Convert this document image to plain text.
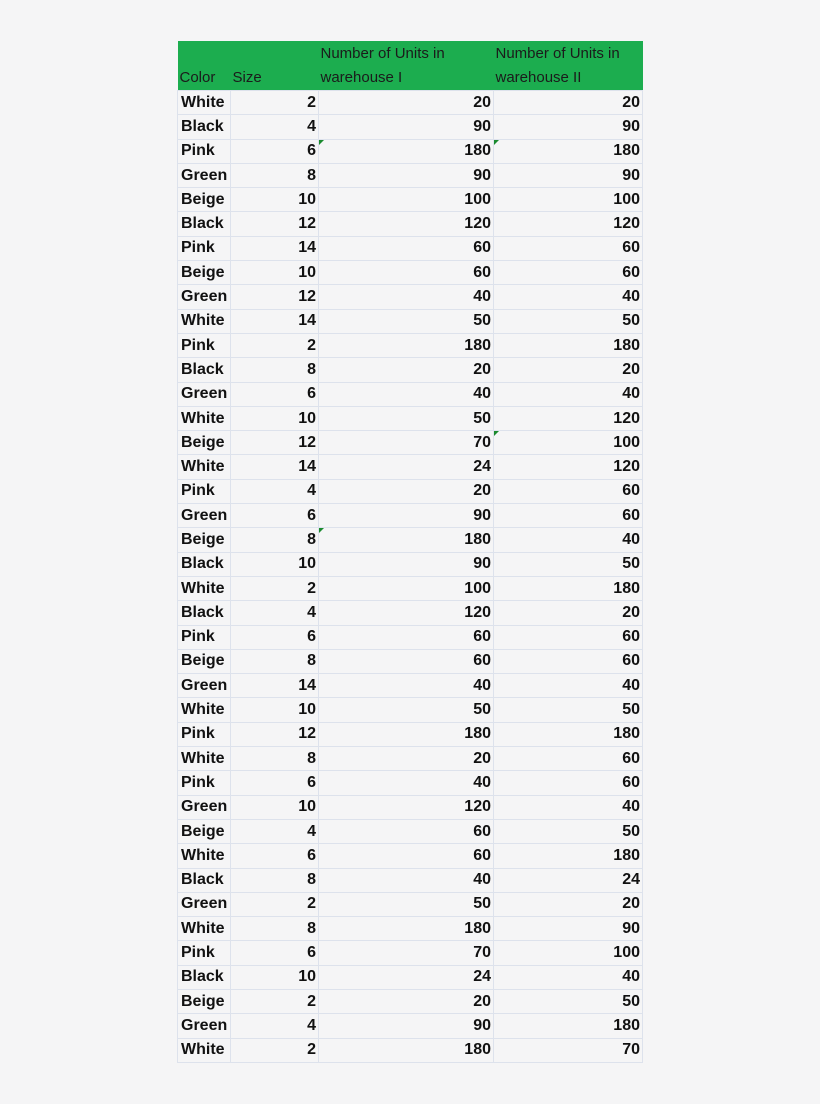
Color	Size	Number of Units in warehouse I	Number of Units in warehouse II
White	2	20	20
Black	4	90	90
Pink	6	180	180
Green	8	90	90
Beige	10	100	100
Black	12	120	120
Pink	14	60	60
Beige	10	60	60
Green	12	40	40
White	14	50	50
Pink	2	180	180
Black	8	20	20
Green	6	40	40
White	10	50	120
Beige	12	70	100
White	14	24	120
Pink	4	20	60
Green	6	90	60
Beige	8	180	40
Black	10	90	50
White	2	100	180
Black	4	120	20
Pink	6	60	60
Beige	8	60	60
Green	14	40	40
White	10	50	50
Pink	12	180	180
White	8	20	60
Pink	6	40	60
Green	10	120	40
Beige	4	60	50
White	6	60	180
Black	8	40	24
Green	2	50	20
White	8	180	90
Pink	6	70	100
Black	10	24	40
Beige	2	20	50
Green	4	90	180
White	2	180	70
